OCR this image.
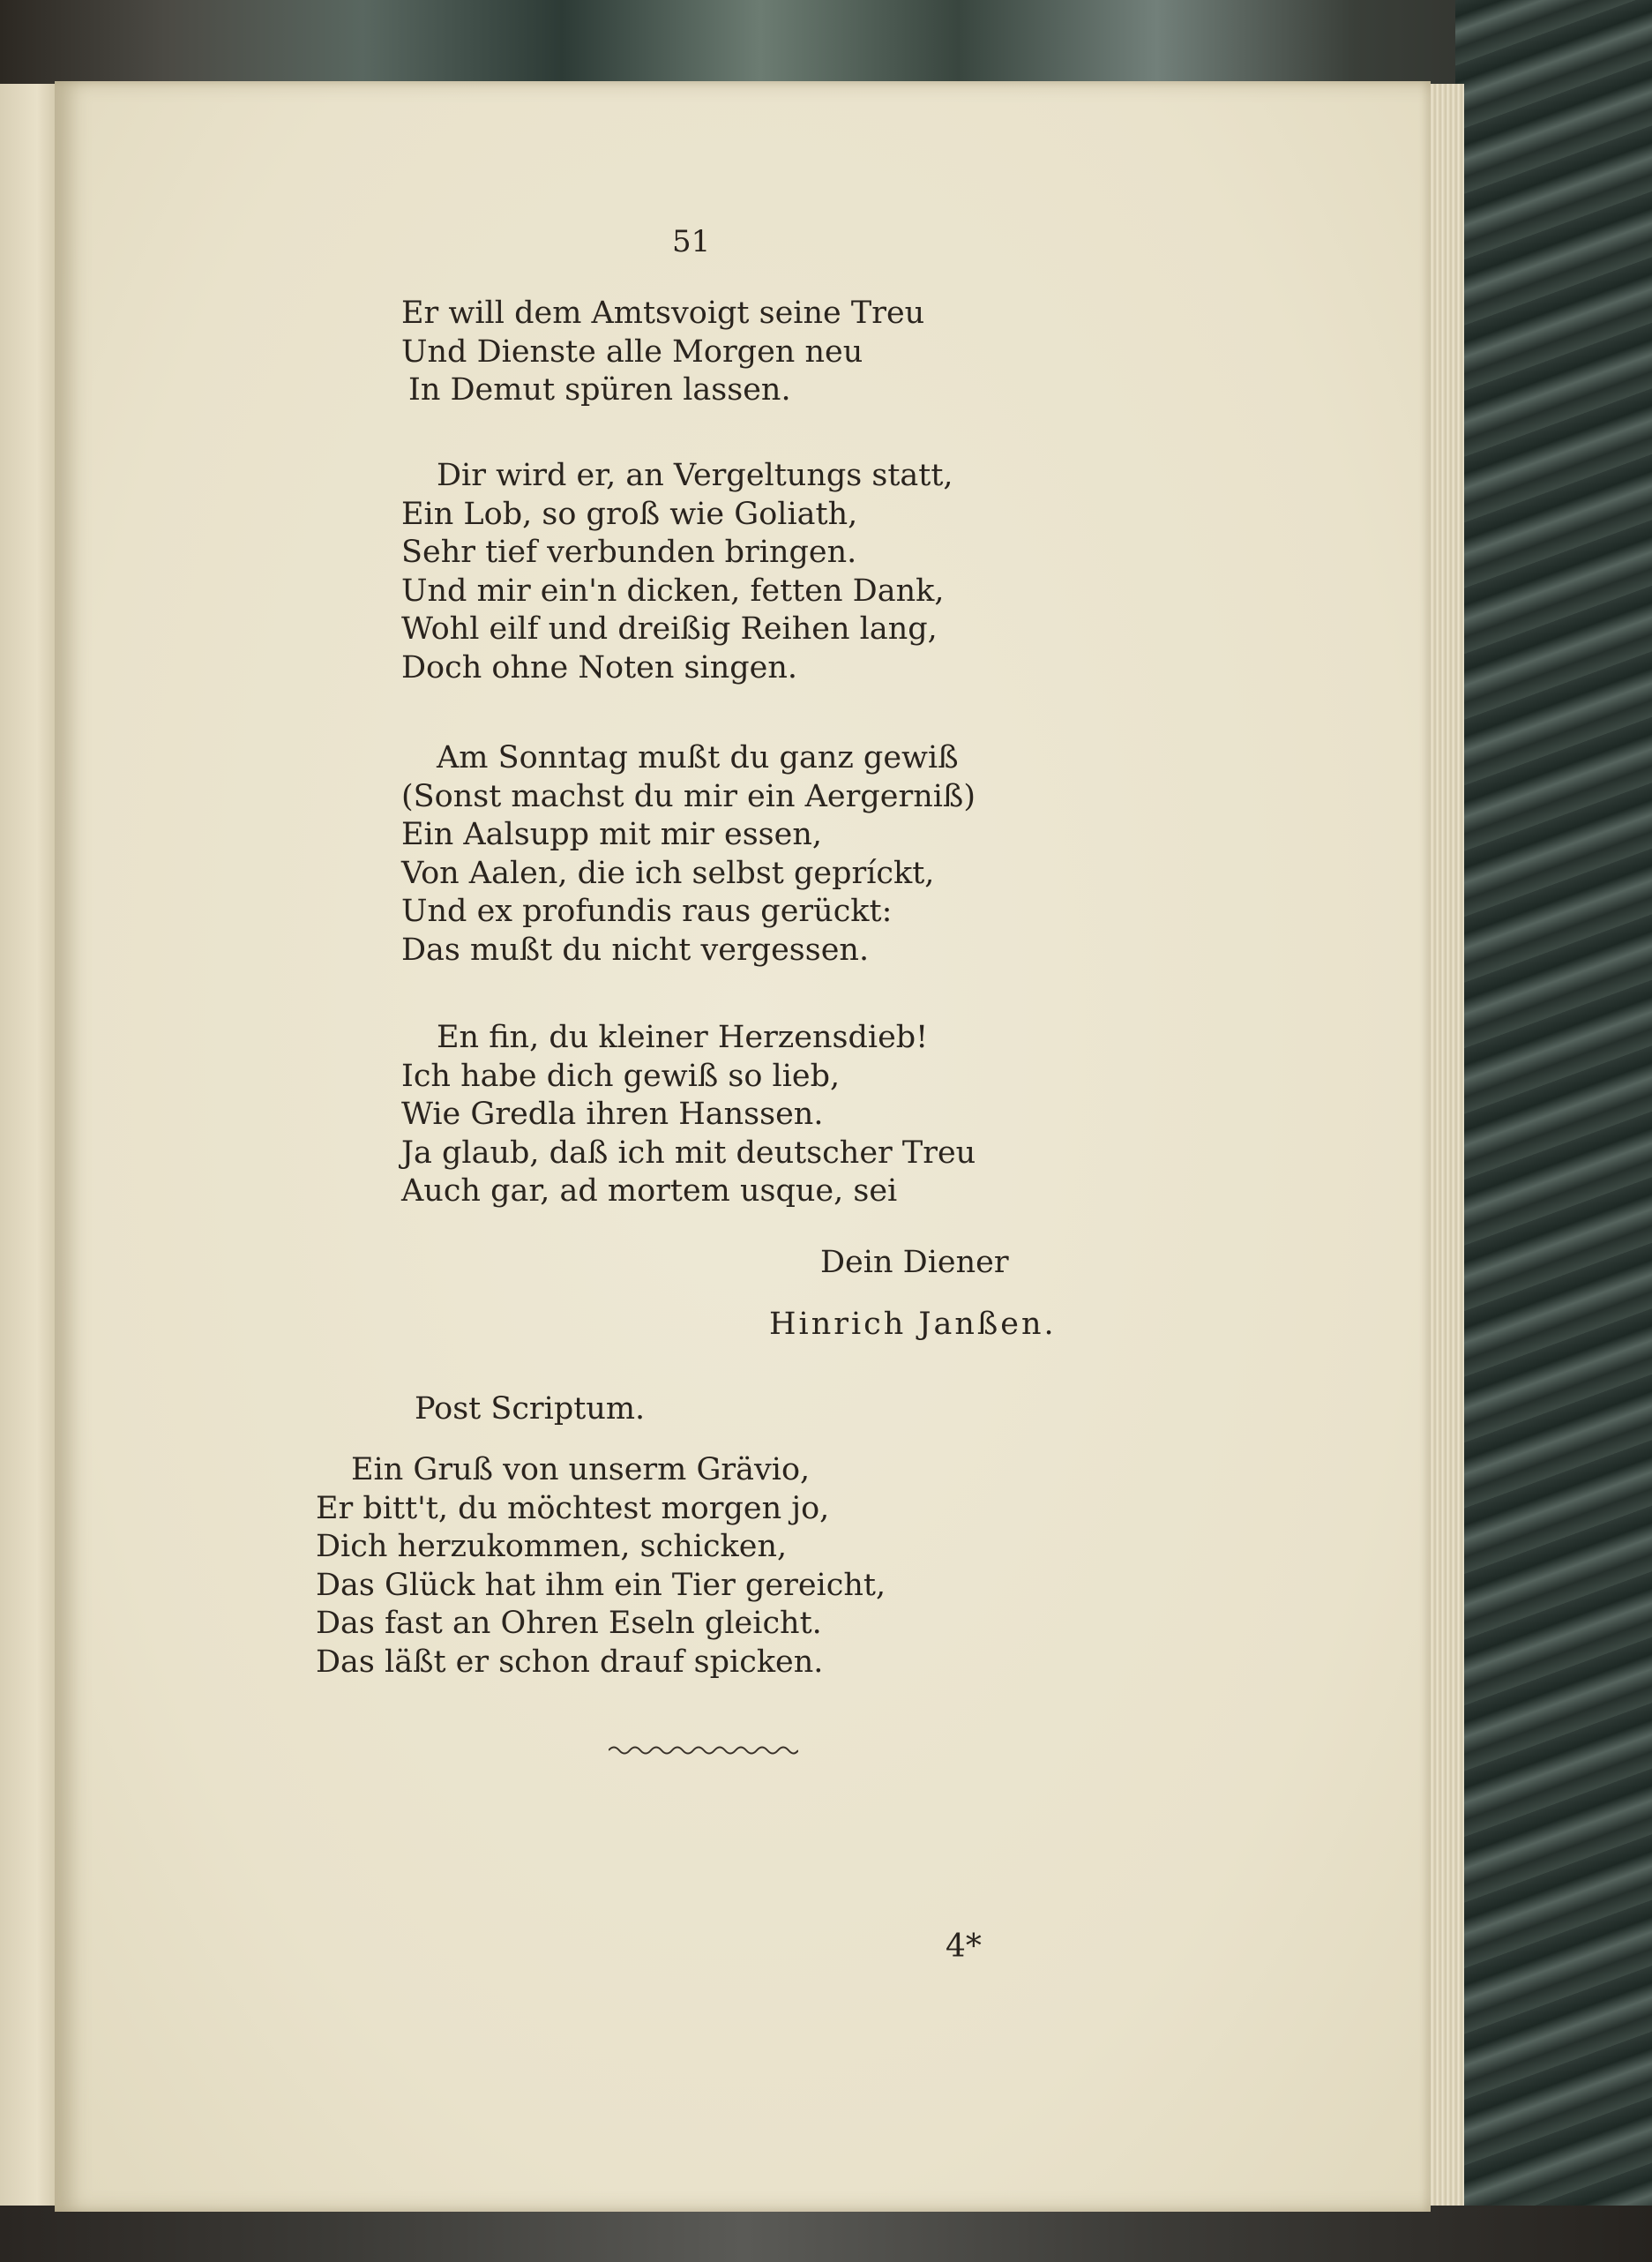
51
Er will dem Amtsvoigt seine Treu
Und Dienste alle Morgen neu
In Demut spüren lassen.
Dir wird er, an Vergeltungs statt,
Ein Lob, so groß wie Goliath,
Sehr tief verbunden bringen.
Und mir ein'n dicken, fetten Dank,
Wohl eilf und dreißig Reihen lang,
Doch ohne Noten singen.
Am Sonntag mußt du ganz gewiß
(Sonst machst du mir ein Aergerniß)
Ein Aalsupp mit mir essen,
Von Aalen, die ich selbst gepríckt,
Und ex profundis raus gerückt:
Das mußt du nicht vergessen.
En fin, du kleiner Herzensdieb!
Ich habe dich gewiß so lieb,
Wie Gredla ihren Hanssen.
Ja glaub, daß ich mit deutscher Treu
Auch gar, ad mortem usque, sei
Dein Diener
Hinrich Janßen.
Post Scriptum.
Ein Gruß von unserm Grävio,
Er bitt't, du möchtest morgen jo,
Dich herzukommen, schicken,
Das Glück hat ihm ein Tier gereicht,
Das fast an Ohren Eseln gleicht.
Das läßt er schon drauf spicken.
4*
